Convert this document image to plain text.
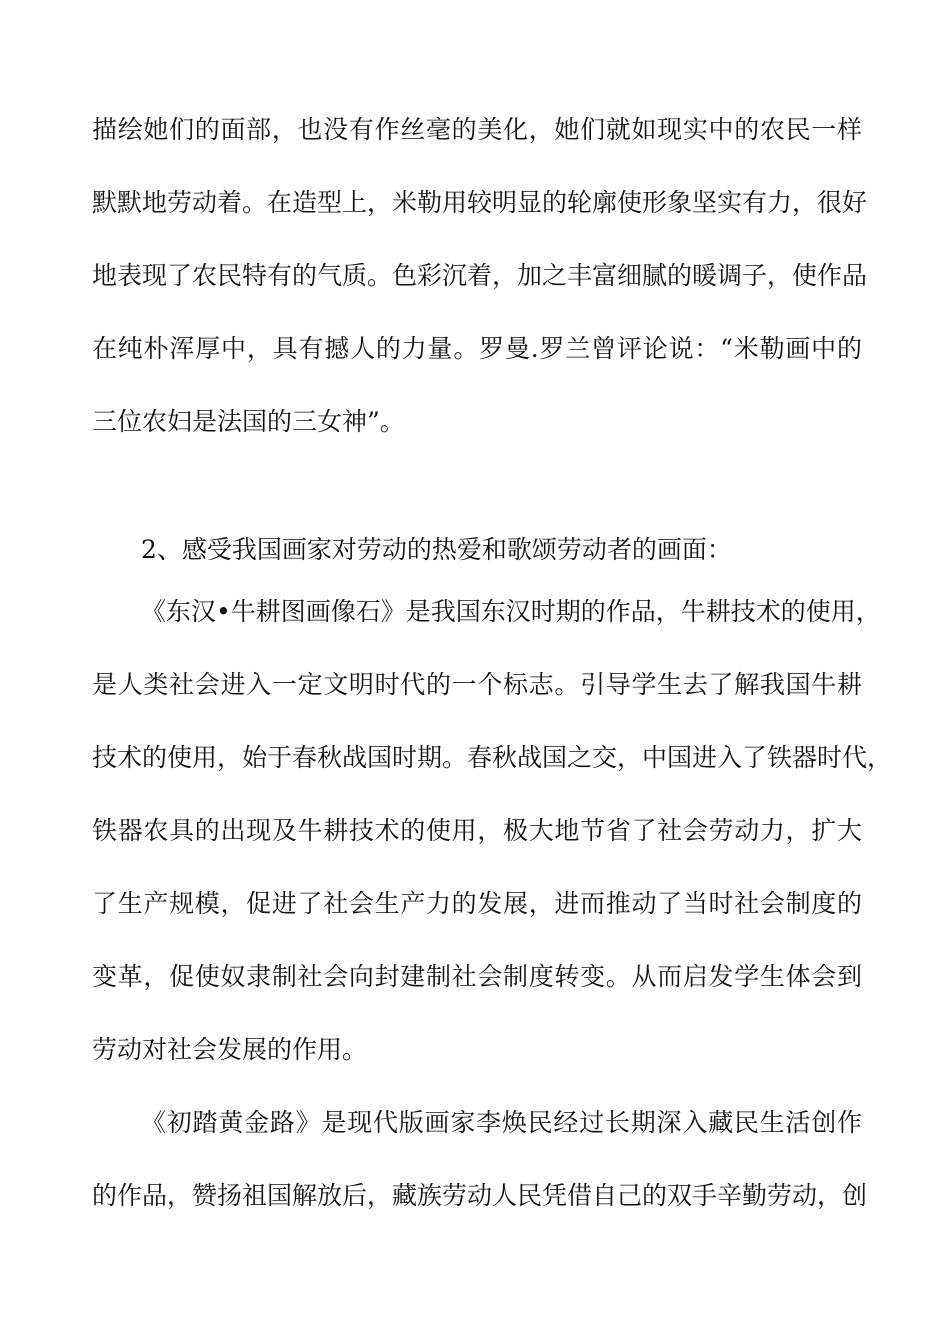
描绘她们的面部，也没有作丝毫的美化，她们就如现实中的农民一样
默默地劳动着。在造型上，米勒用较明显的轮廓使形象坚实有力，很好
地表现了农民特有的气质。色彩沉着，加之丰富细腻的暖调子，使作品
在纯朴浑厚中，具有撼人的力量。罗曼.罗兰曾评论说：“米勒画中的
三位农妇是法国的三女神”。
2、感受我国画家对劳动的热爱和歌颂劳动者的画面：
《东汉•牛耕图画像石》是我国东汉时期的作品，牛耕技术的使用，
是人类社会进入一定文明时代的一个标志。引导学生去了解我国牛耕
技术的使用，始于春秋战国时期。春秋战国之交，中国进入了铁器时代，
铁器农具的出现及牛耕技术的使用，极大地节省了社会劳动力，扩大
了生产规模，促进了社会生产力的发展，进而推动了当时社会制度的
变革，促使奴隶制社会向封建制社会制度转变。从而启发学生体会到
劳动对社会发展的作用。
《初踏黄金路》是现代版画家李焕民经过长期深入藏民生活创作
的作品，赞扬祖国解放后，藏族劳动人民凭借自己的双手辛勤劳动，创
